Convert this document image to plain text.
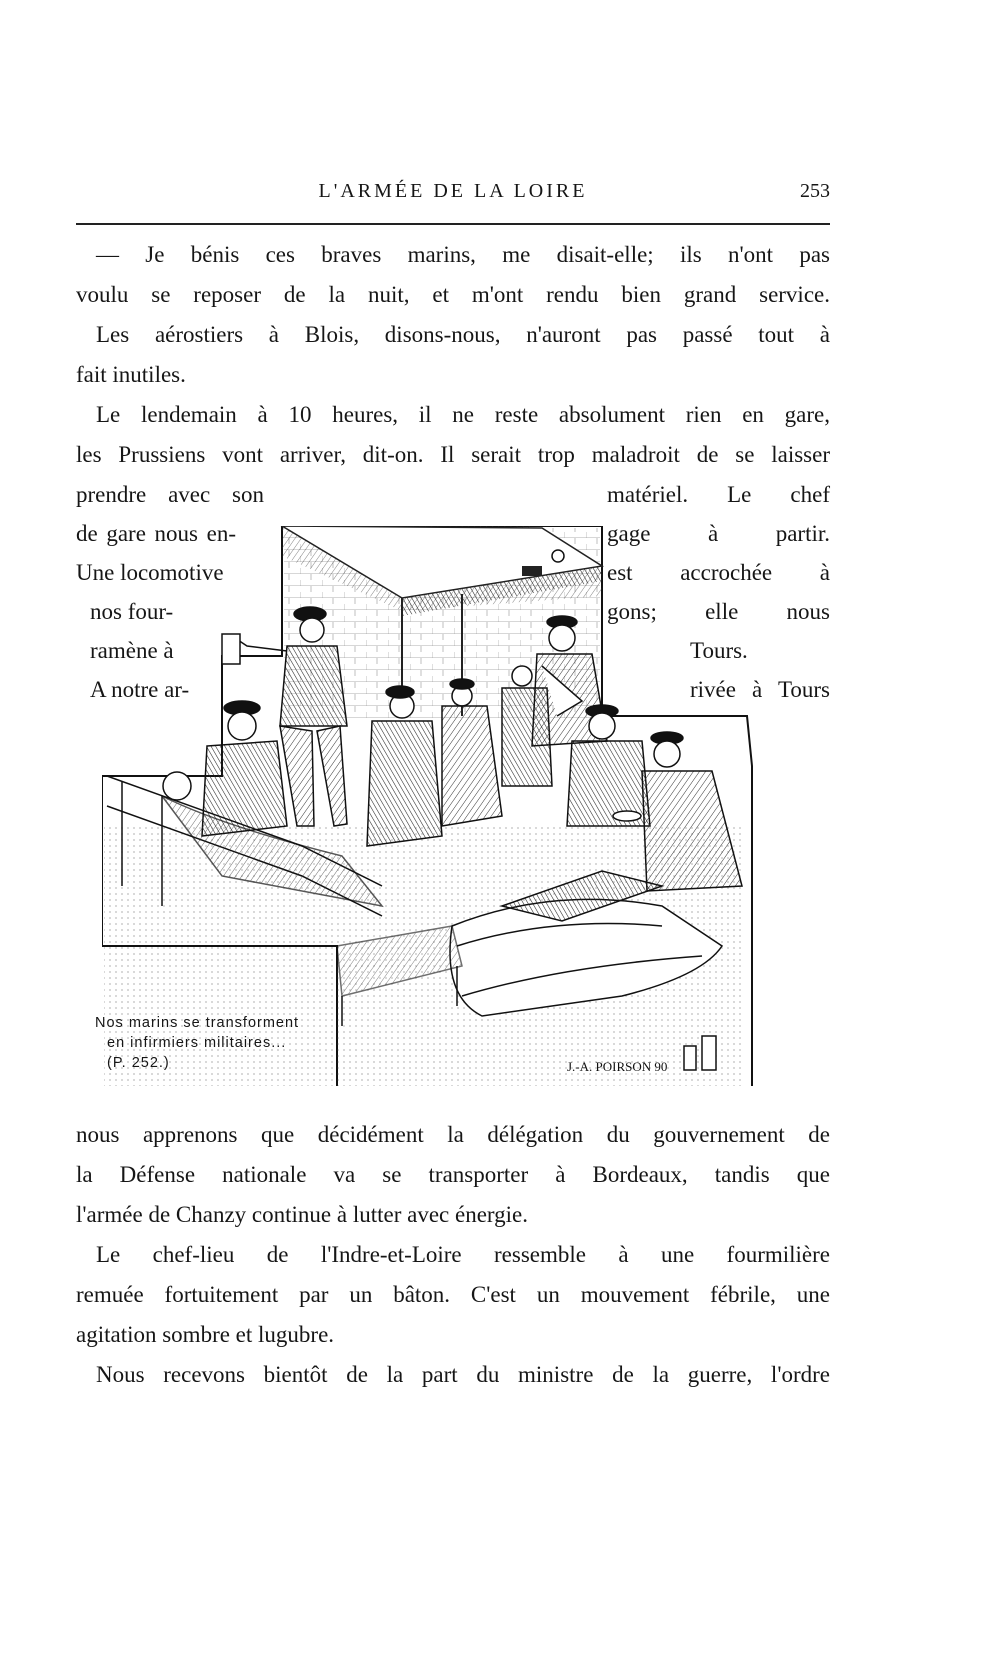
L'ARMÉE DE LA LOIRE	253
— Je bénis ces braves marins, me disait-elle; ils n'ont pas
voulu se reposer de la nuit, et m'ont rendu bien grand service.
Les aérostiers à Blois, disons-nous, n'auront pas passé tout à
fait inutiles.
Le lendemain à 10 heures, il ne reste absolument rien en gare,
les Prussiens vont arriver, dit-on. Il serait trop maladroit de se laisser
prendre avec son
de gare nous en-
Une locomotive
nos four-
ramène à
A notre ar-
matériel. Le chef
gage à partir.
est accrochée à
gons; elle nous
Tours.
rivée à Tours
J.-A. POIRSON 90
Nos marins se transforment
en infirmiers militaires...
(P. 252.)
nous apprenons que décidément la délégation du gouvernement de
la Défense nationale va se transporter à Bordeaux, tandis que
l'armée de Chanzy continue à lutter avec énergie.
Le chef-lieu de l'Indre-et-Loire ressemble à une fourmilière
remuée fortuitement par un bâton. C'est un mouvement fébrile, une
agitation sombre et lugubre.
Nous recevons bientôt de la part du ministre de la guerre, l'ordre
